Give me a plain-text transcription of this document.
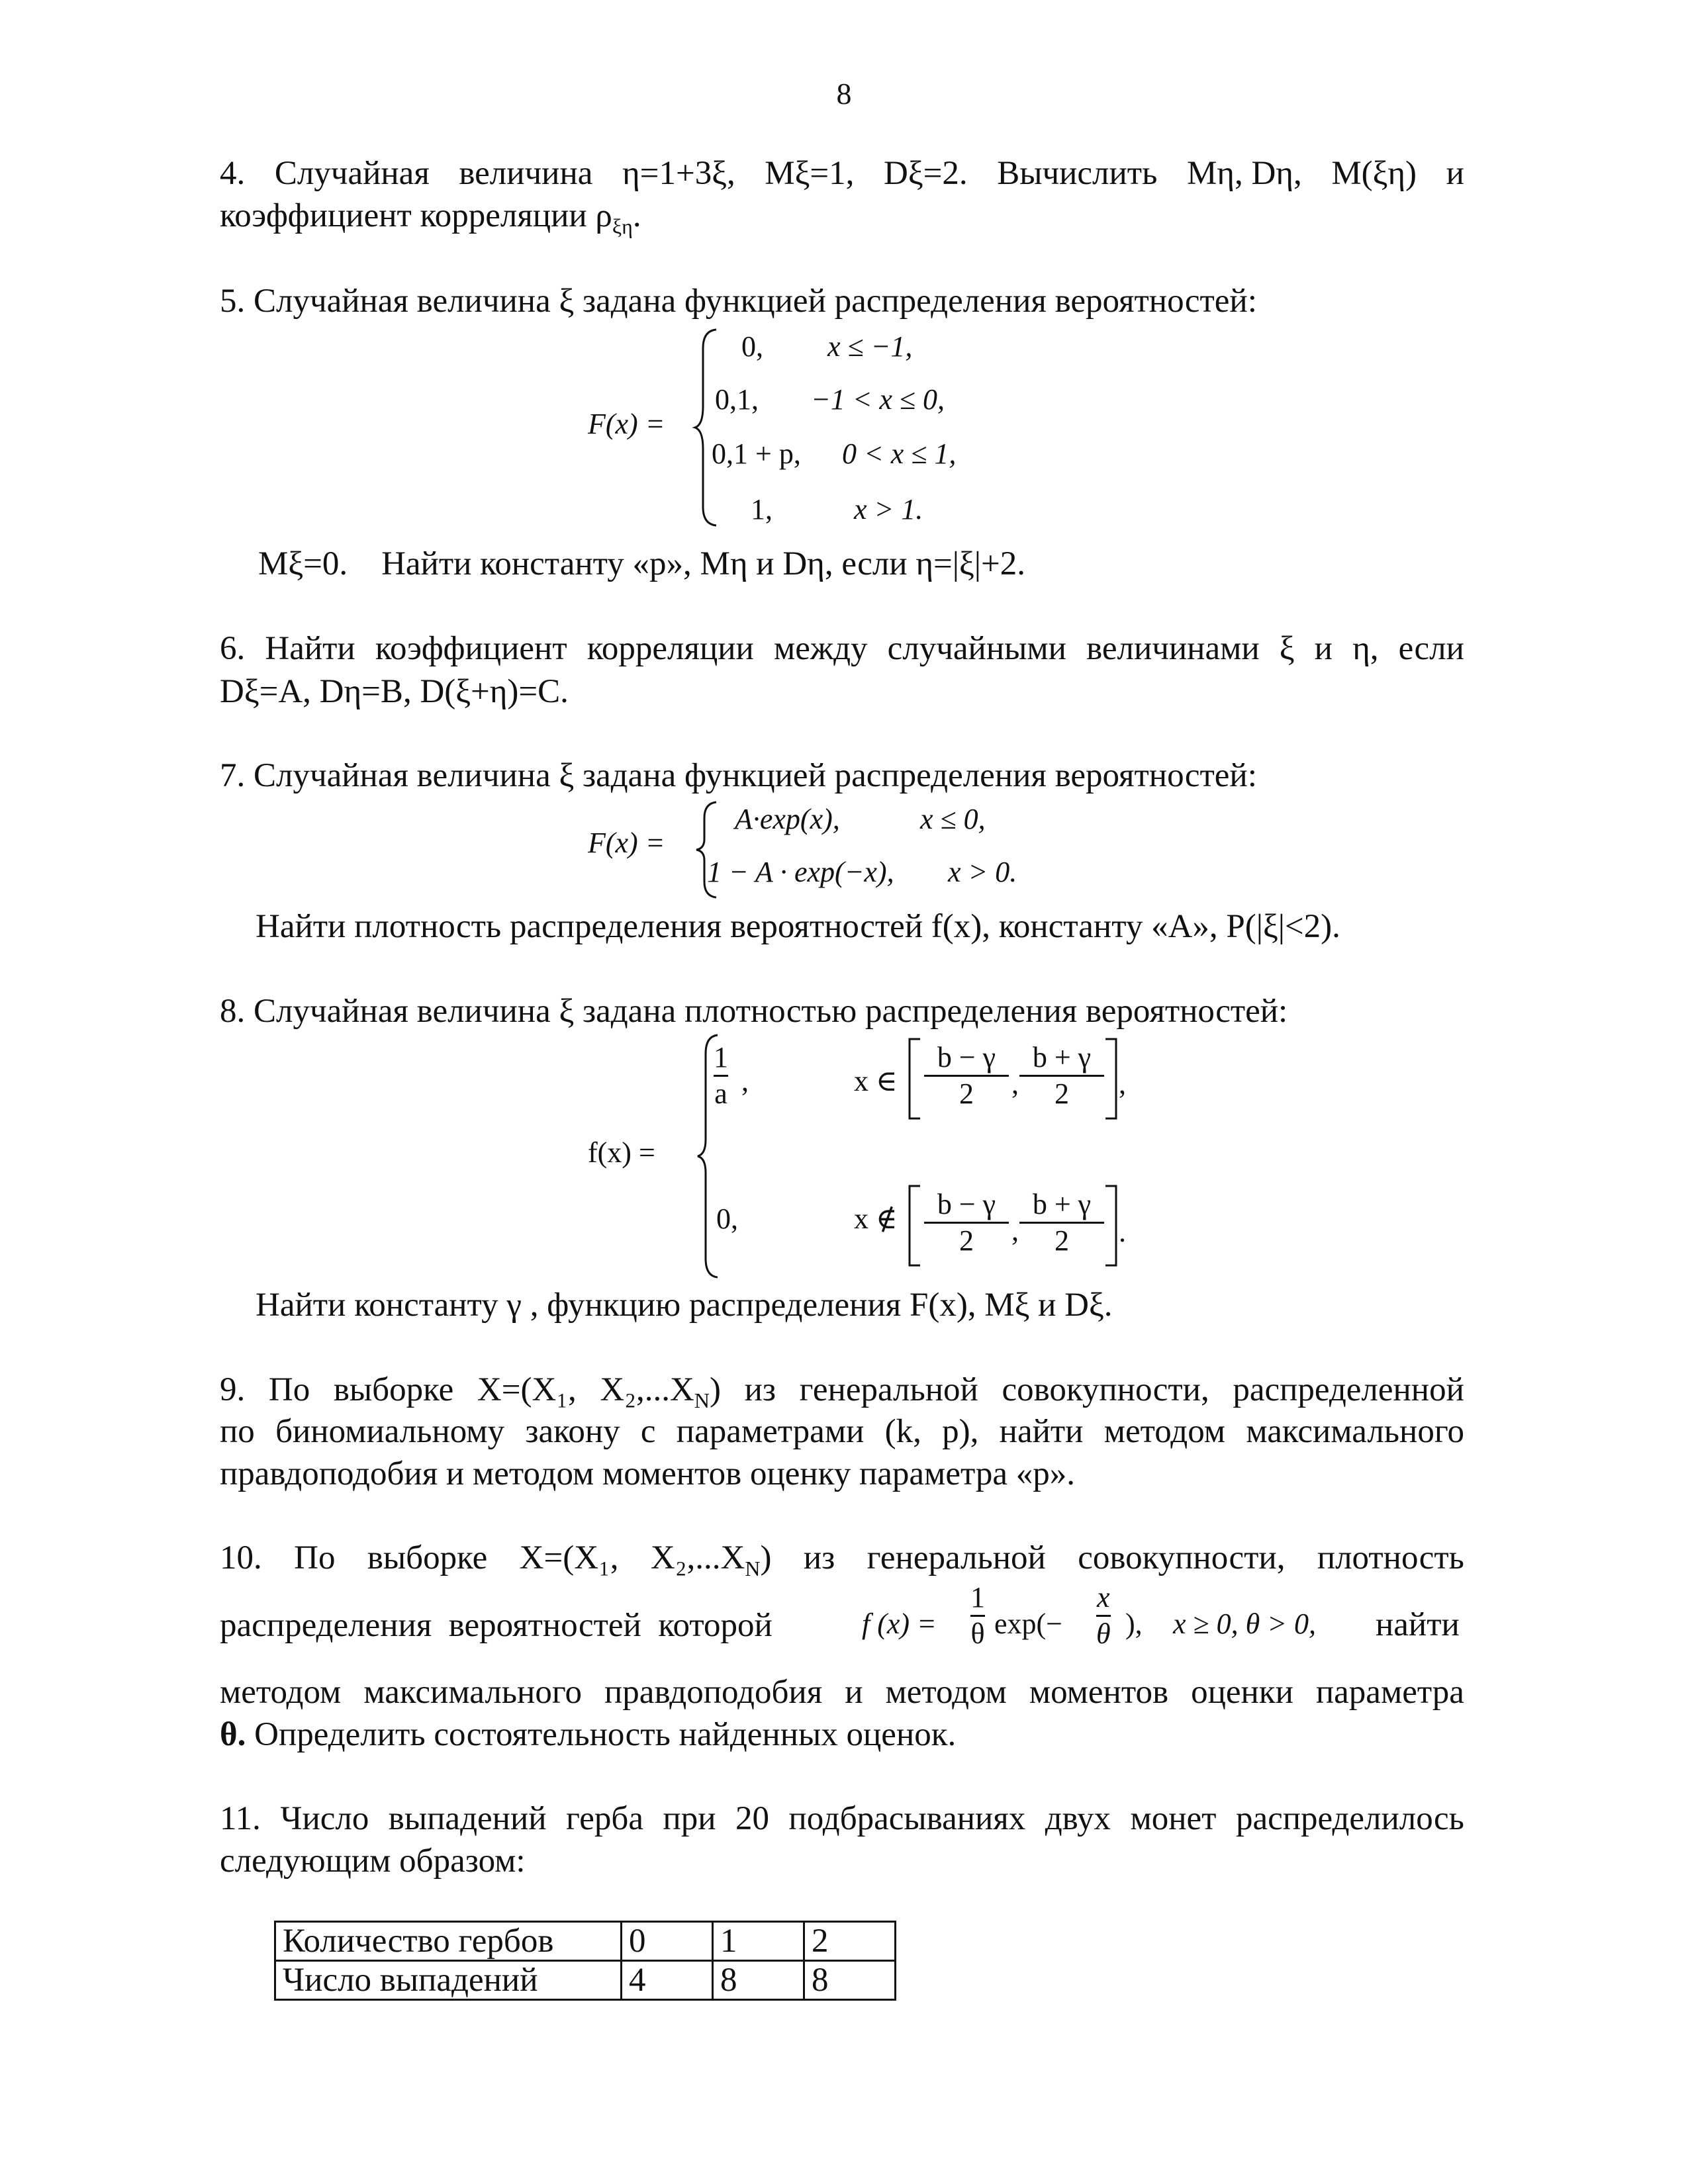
8
4. Случайная величина η=1+3ξ, Mξ=1, Dξ=2. Вычислить Mη, Dη, M(ξη) и
коэффициент корреляции $\rho_{\xi\eta}$.
5. Случайная величина ξ задана функцией распределения вероятностей:
F(x) =
0, x ≤ −1,
0,1, −1 < x ≤ 0,
0,1 + p, 0 < x ≤ 1,
1,	x > 1.
Mξ=0.    Найти константу «p», Mη и Dη, если η=|ξ|+2.
6. Найти коэффициент корреляции между случайными величинами ξ и η, если
Dξ=A, Dη=B, D(ξ+η)=C.
7. Случайная величина ξ задана функцией распределения вероятностей:
F(x) =
A·exp(x),	x ≤ 0,
1 − A · exp(−x), x > 0.
Найти плотность распределения вероятностей f(x), константу «A», P(|ξ|<2).
8. Случайная величина ξ задана плотностью распределения вероятностей:
f(x) =
1
a ,	x ∈
b − γ
2 ,
b + γ
2 ,
0,	x ∉ b − γ
2 ,
b + γ
2 .
Найти константу γ , функцию распределения F(x), Mξ и Dξ.
9. По выборке X=(X₁, $X_2,...X_N$) из генеральной совокупности, распределенной
по биномиальному закону с параметрами (k, p), найти методом максимального
правдоподобия и методом моментов оценку параметра «p».
10. По выборке X=(X₁, $X_2,...X_N$) из генеральной совокупности, плотность
распределения  вероятностей  которой	f (x) =
1
θ exp(−
x
θ ), x ≥ 0, θ > 0, найти
методом максимального правдоподобия и методом моментов оценки параметра
θ. Определить состоятельность найденных оценок.
11. Число выпадений герба при 20 подбрасываниях двух монет распределилось
следующим образом:
Количество гербов	0	1	2
Число выпадений	4	8	8
